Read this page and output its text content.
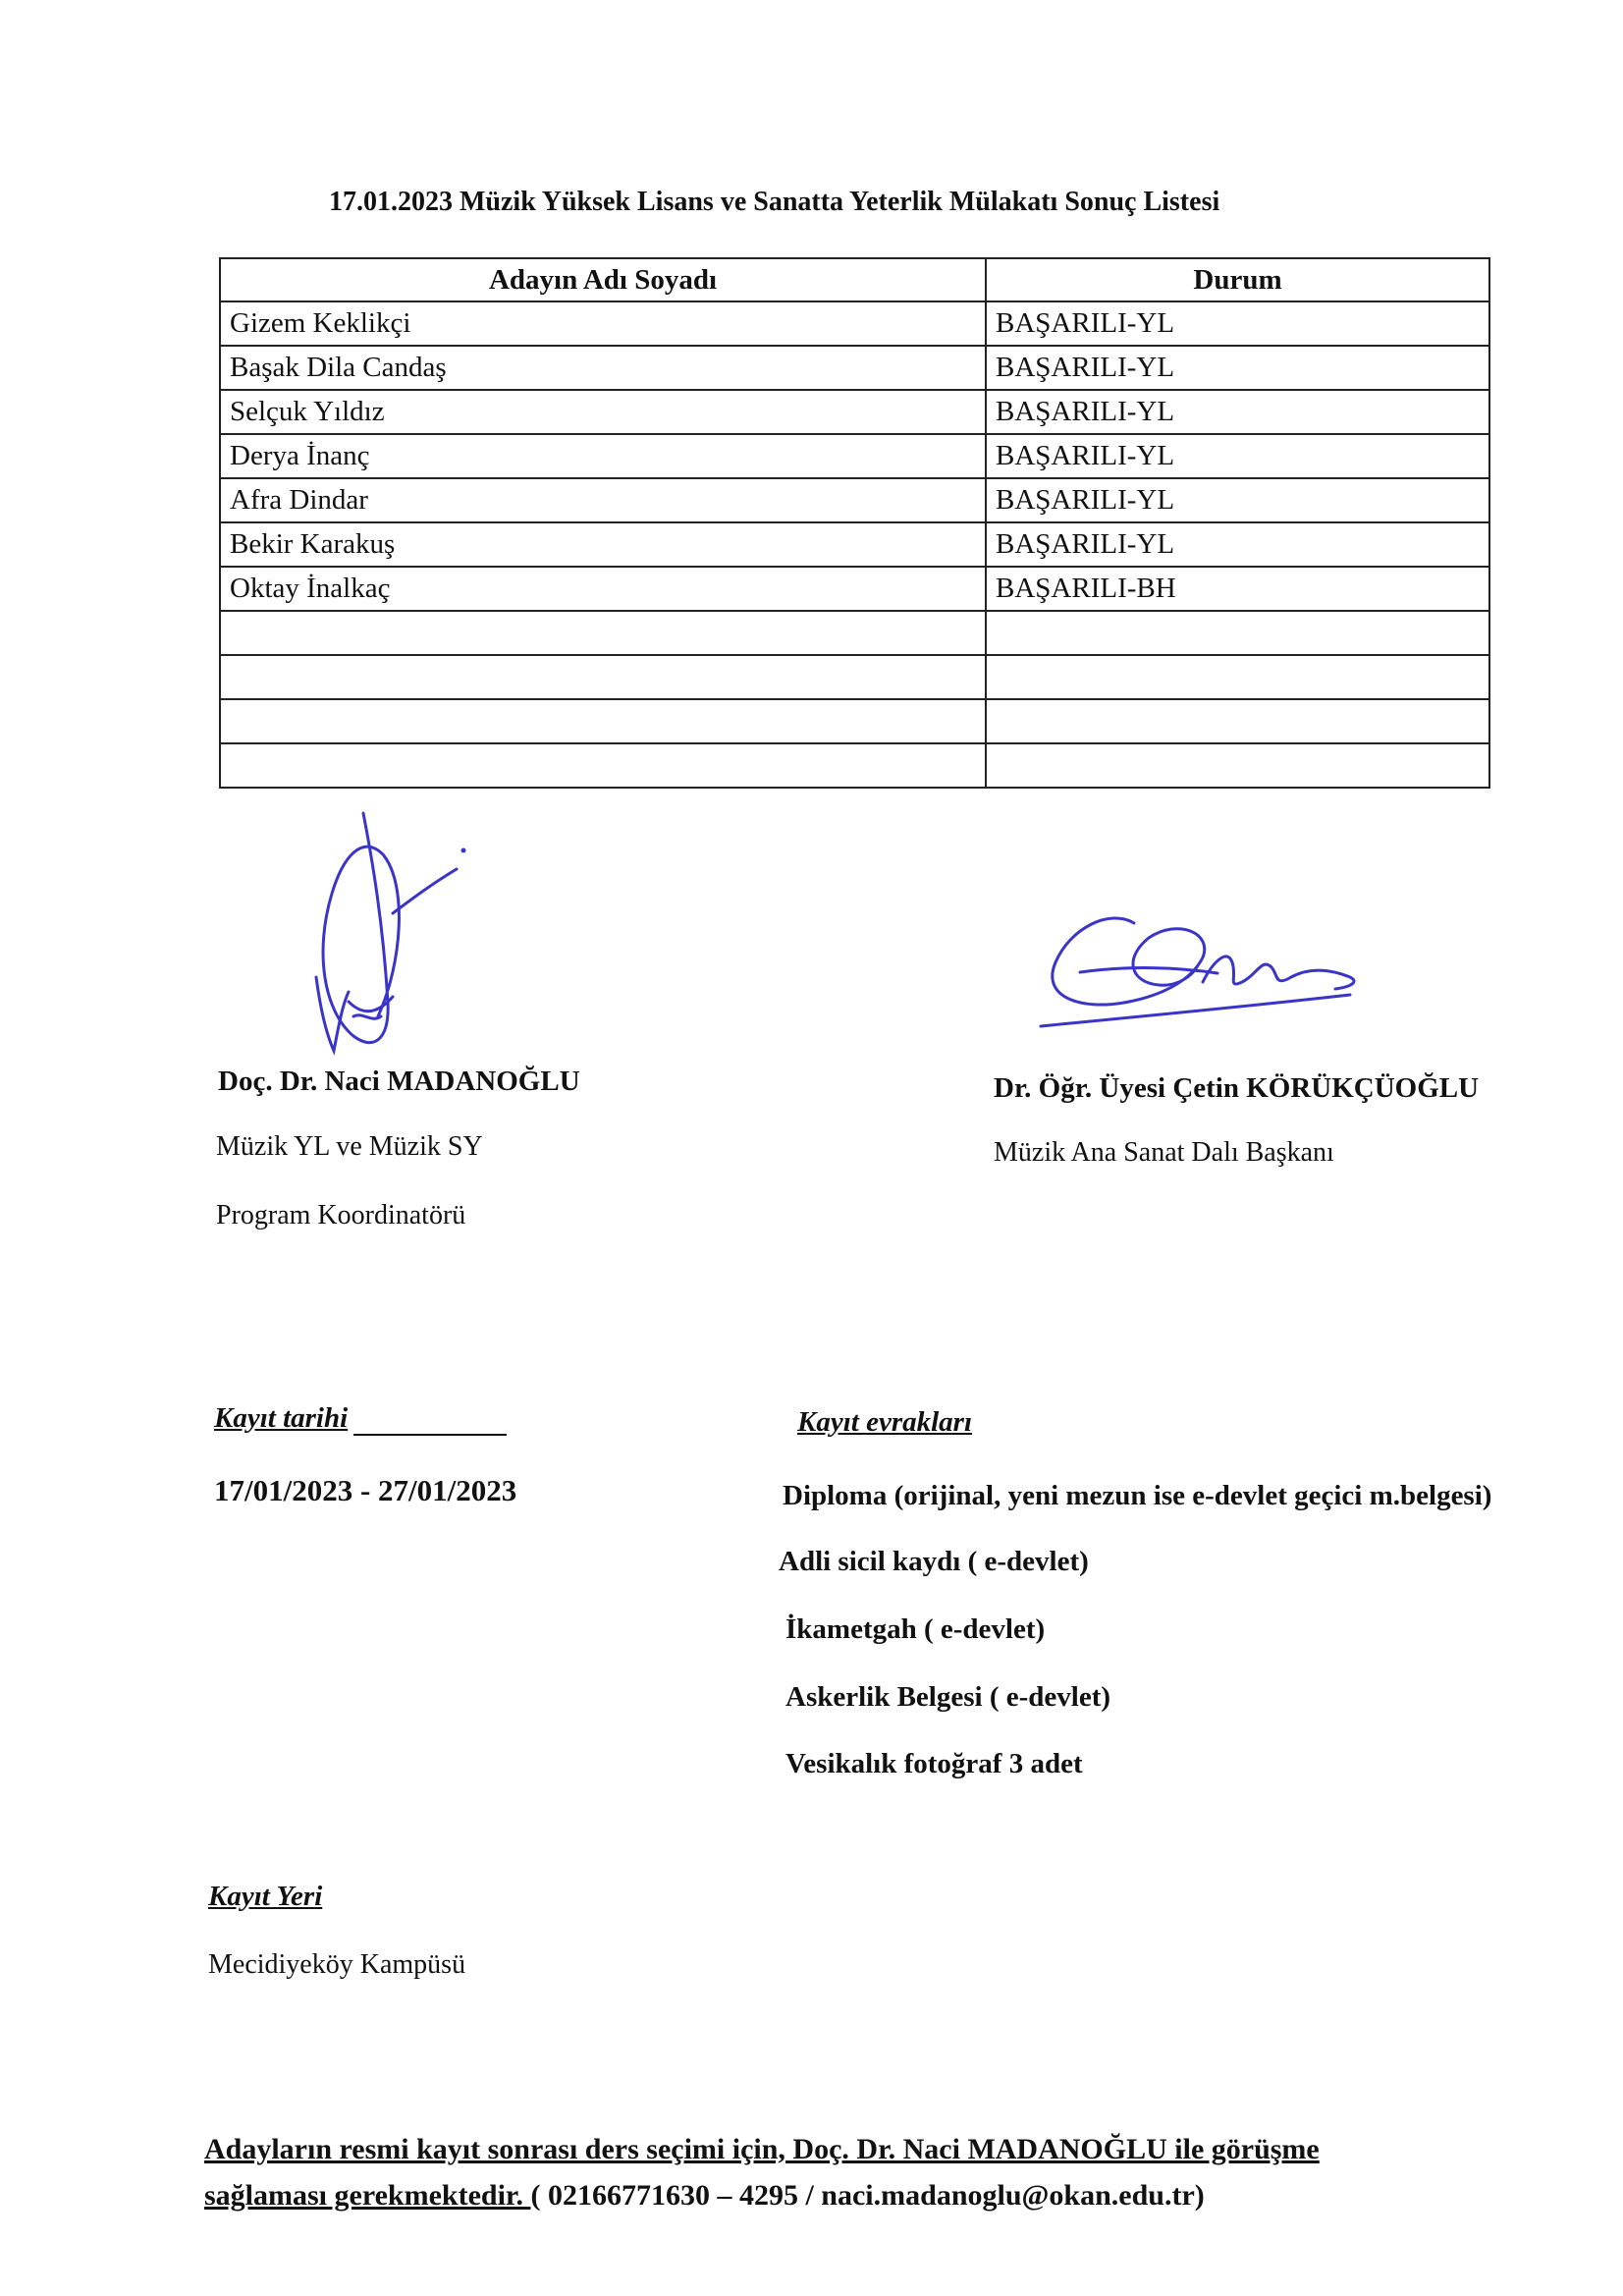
17.01.2023 Müzik Yüksek Lisans ve Sanatta Yeterlik Mülakatı Sonuç Listesi
Adayın Adı Soyadı	Durum
Gizem Keklikçi	BAŞARILI-YL
Başak Dila Candaş	BAŞARILI-YL
Selçuk Yıldız	BAŞARILI-YL
Derya İnanç	BAŞARILI-YL
Afra Dindar	BAŞARILI-YL
Bekir Karakuş	BAŞARILI-YL
Oktay İnalkaç	BAŞARILI-BH

Doç. Dr. Naci MADANOĞLU
Müzik YL ve Müzik SY
Program Koordinatörü
Dr. Öğr. Üyesi Çetin KÖRÜKÇÜOĞLU
Müzik Ana Sanat Dalı Başkanı
Kayıt tarihi
17/01/2023 - 27/01/2023
Kayıt evrakları
Diploma (orijinal, yeni mezun ise e-devlet geçici m.belgesi)
Adli sicil kaydı ( e-devlet)
İkametgah ( e-devlet)
Askerlik Belgesi ( e-devlet)
Vesikalık fotoğraf 3 adet
Kayıt Yeri
Mecidiyeköy Kampüsü
Adayların resmi kayıt sonrası ders seçimi için, Doç. Dr. Naci MADANOĞLU ile görüşme
sağlaması gerekmektedir. ( 02166771630 – 4295 / naci.madanoglu@okan.edu.tr)
